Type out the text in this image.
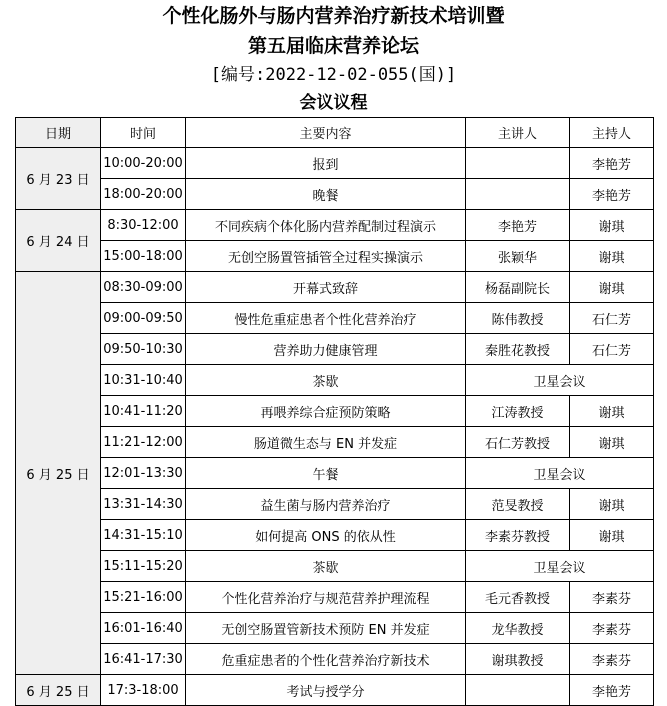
个性化肠外与肠内营养治疗新技术培训暨
第五届临床营养论坛
[编号:2022-12-02-055(国)]
会议议程
日期	时间	主要内容	主讲人	主持人
6 月 23 日	10:00-20:00	报到		李艳芳
	18:00-20:00	晚餐		李艳芳
6 月 24 日	8:30-12:00	不同疾病个体化肠内营养配制过程演示	李艳芳	谢琪
	15:00-18:00	无创空肠置管插管全过程实操演示	张颖华	谢琪
6 月 25 日	08:30-09:00	开幕式致辞	杨磊副院长	谢琪
	09:00-09:50	慢性危重症患者个性化营养治疗	陈伟教授	石仁芳
	09:50-10:30	营养助力健康管理	秦胜花教授	石仁芳
	10:31-10:40	茶歇	卫星会议	
	10:41-11:20	再喂养综合症预防策略	江涛教授	谢琪
	11:21-12:00	肠道微生态与 EN 并发症	石仁芳教授	谢琪
	12:01-13:30	午餐	卫星会议	
	13:31-14:30	益生菌与肠内营养治疗	范旻教授	谢琪
	14:31-15:10	如何提高 ONS 的依从性	李素芬教授	谢琪
	15:11-15:20	茶歇	卫星会议	
	15:21-16:00	个性化营养治疗与规范营养护理流程	毛元香教授	李素芬
	16:01-16:40	无创空肠置管新技术预防 EN 并发症	龙华教授	李素芬
	16:41-17:30	危重症患者的个性化营养治疗新技术	谢琪教授	李素芬
6 月 25 日	17:3-18:00	考试与授学分		李艳芳
